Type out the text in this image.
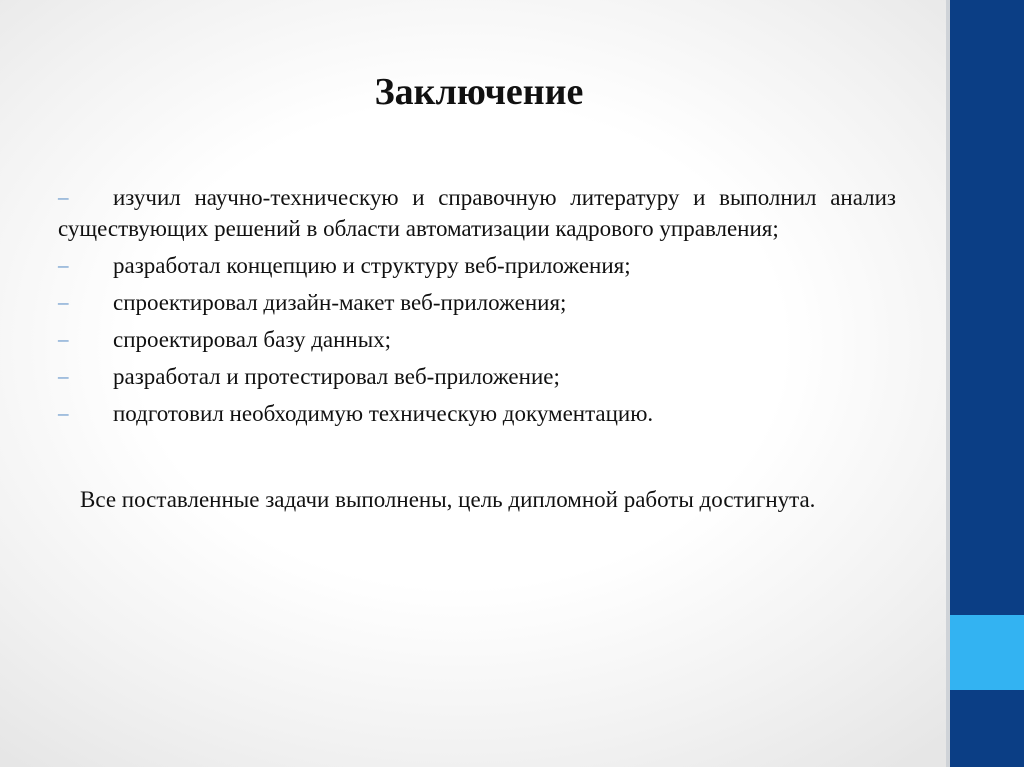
Заключение
–	изучил научно-техническую и справочную литературу и выполнил анализ существующих решений в области автоматизации кадрового управления;
–	разработал концепцию и структуру веб-приложения;
–	спроектировал дизайн-макет веб-приложения;
–	спроектировал базу данных;
–	разработал и протестировал веб-приложение;
–	подготовил необходимую техническую документацию.

Все поставленные задачи выполнены, цель дипломной работы достигнута.
